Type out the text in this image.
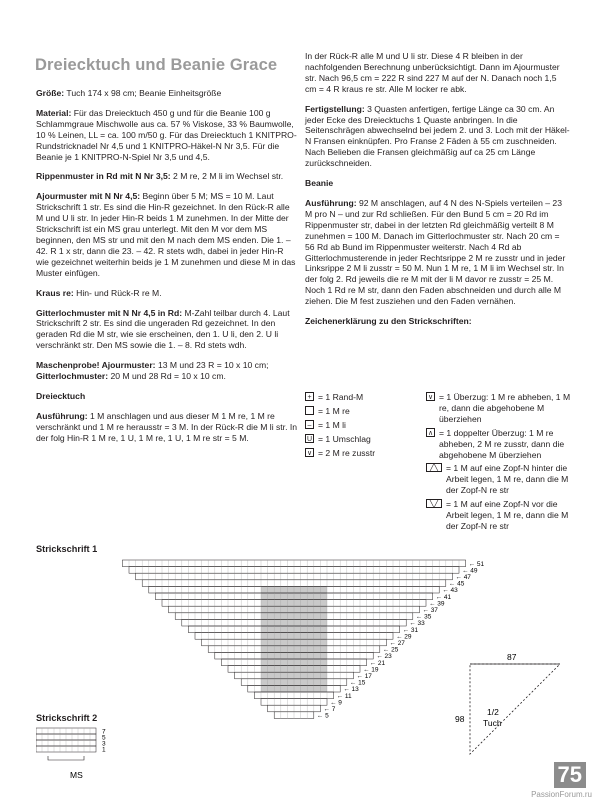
Dreiecktuch und Beanie Grace

Größe: Tuch 174 x 98 cm; Beanie Einheitsgröße

Material: Für das Dreiecktuch 450 g und für die Beanie 100 g Schlammgraue Mischwolle aus ca. 57 % Viskose, 33 % Baumwolle, 10 % Leinen, LL = ca. 100 m/50 g. Für das Dreiecktuch 1 KNITPRO-Rundstricknadel Nr 4,5 und 1 KNITPRO-Häkel-N Nr 3,5. Für die Beanie je 1 KNITPRO-N-Spiel Nr 3,5 und 4,5.

Rippenmuster in Rd mit N Nr 3,5: 2 M re, 2 M li im Wechsel str.

Ajourmuster mit N Nr 4,5: Beginn über 5 M; MS = 10 M. Laut Strickschrift 1 str. Es sind die Hin-R gezeichnet. In den Rück-R alle M und U li str. In jeder Hin-R beids 1 M zunehmen. In der Mitte der Strickschrift ist ein MS grau unterlegt. Mit den M vor dem MS beginnen, den MS str und mit den M nach dem MS enden. Die 1. – 42. R 1 x str, dann die 23. – 42. R stets wdh, dabei in jeder Hin-R wie gezeichnet weiterhin beids je 1 M zunehmen und diese M in das Muster einfügen.

Kraus re: Hin- und Rück-R re M.

Gitterlochmuster mit N Nr 4,5 in Rd: M-Zahl teilbar durch 4. Laut Strickschrift 2 str. Es sind die ungeraden Rd gezeichnet. In den geraden Rd die M str, wie sie erscheinen, den 1. U li, den 2. U li verschränkt str. Den MS sowie die 1. – 8. Rd stets wdh.

Maschenprobe! Ajourmuster: 13 M und 23 R = 10 x 10 cm;
Gitterlochmuster: 20 M und 28 Rd = 10 x 10 cm.

Dreiecktuch

Ausführung: 1 M anschlagen und aus dieser M 1 M re, 1 M re verschränkt und 1 M re herausstr = 3 M. In der Rück-R die M li str. In der folg Hin-R 1 M re, 1 U, 1 M re, 1 U, 1 M re str = 5 M.

In der Rück-R alle M und U li str. Diese 4 R bleiben in der nachfolgenden Berechnung unberücksichtigt. Dann im Ajourmuster str. Nach 96,5 cm = 222 R sind 227 M auf der N. Danach noch 1,5 cm = 4 R kraus re str. Alle M locker re abk.

Fertigstellung: 3 Quasten anfertigen, fertige Länge ca 30 cm. An jeder Ecke des Dreiecktuchs 1 Quaste anbringen. In die Seitenschrägen abwechselnd bei jedem 2. und 3. Loch mit der Häkel-N Fransen einknüpfen. Pro Franse 2 Fäden à 55 cm zuschneiden. Nach Belieben die Fransen gleichmäßig auf ca 25 cm Länge zurückschneiden.

Beanie

Ausführung: 92 M anschlagen, auf 4 N des N-Spiels verteilen – 23 M pro N – und zur Rd schließen. Für den Bund 5 cm = 20 Rd im Rippenmuster str, dabei in der letzten Rd gleichmäßig verteilt 8 M zunehmen = 100 M. Danach im Gitterlochmuster str. Nach 20 cm = 56 Rd ab Bund im Rippenmuster weiterstr. Nach 4 Rd ab Gitterlochmusterende in jeder Rechtsrippe 2 M re zusstr und in jeder Linksrippe 2 M li zusstr = 50 M. Nun 1 M re, 1 M li im Wechsel str. In der folg 2. Rd jeweils die re M mit der li M davor re zusstr = 25 M. Noch 1 Rd re M str, dann den Faden abschneiden und durch alle M ziehen. Die M fest zusziehen und den Faden vernähen.

Zeichenerklärung zu den Strickschriften:
+ = 1 Rand-M
= 1 M re
– = 1 M li
U = 1 Umschlag
∨ = 2 M re zusstr
∨ = 1 Überzug: 1 M re abheben, 1 M re, dann die abgehobene M überziehen
∧ = 1 doppelter Überzug: 1 M re abheben, 2 M re zusstr, dann die abgehobene M überziehen
╱╲ = 1 M auf eine Zopf-N hinter die Arbeit legen, 1 M re, dann die M der Zopf-N re str
╲╱ = 1 M auf eine Zopf-N vor die Arbeit legen, 1 M re, dann die M der Zopf-N re str
Strickschrift 1
← 51
← 49
← 47
← 45
← 43
← 41
← 39
← 37
← 35
← 33
← 31
← 29
← 27
← 25
← 23
← 21
← 19
← 17
← 15
← 13
← 11
← 9
← 7
← 5
Strickschrift 2
7
5
3
1
MS
87
98
1/2
Tuch
75
PassionForum.ru
